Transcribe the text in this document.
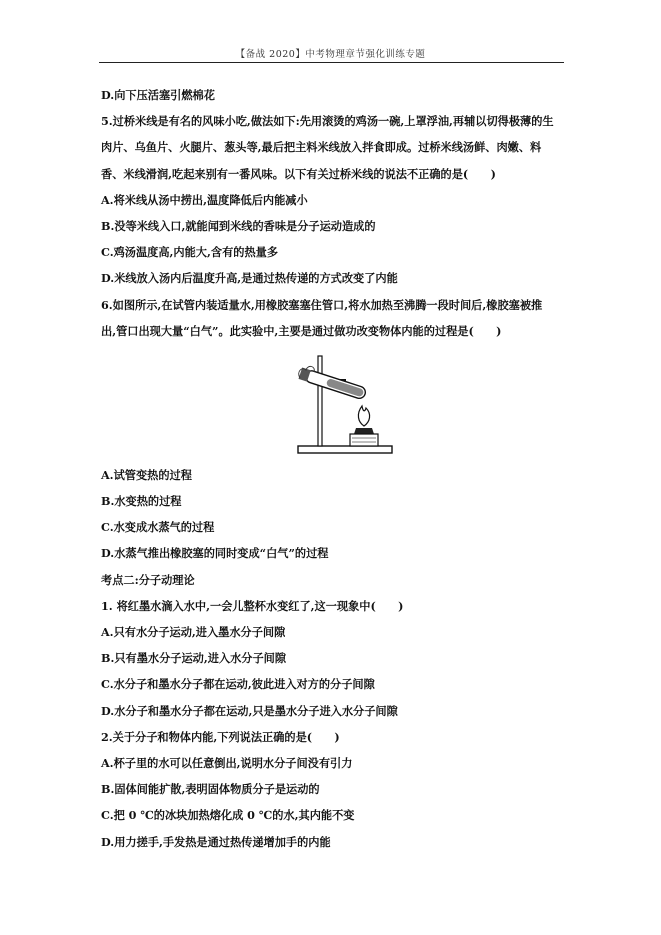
【备战 2020】中考物理章节强化训练专题
D.向下压活塞引燃棉花
5.过桥米线是有名的风味小吃,做法如下:先用滚烫的鸡汤一碗,上罩浮油,再辅以切得极薄的生
肉片、乌鱼片、火腿片、葱头等,最后把主料米线放入拌食即成。过桥米线汤鲜、肉嫩、料
香、米线滑润,吃起来别有一番风味。以下有关过桥米线的说法不正确的是(　　)
A.将米线从汤中捞出,温度降低后内能减小
B.没等米线入口,就能闻到米线的香味是分子运动造成的
C.鸡汤温度高,内能大,含有的热量多
D.米线放入汤内后温度升高,是通过热传递的方式改变了内能
6.如图所示,在试管内装适量水,用橡胶塞塞住管口,将水加热至沸腾一段时间后,橡胶塞被推
出,管口出现大量“白气”。此实验中,主要是通过做功改变物体内能的过程是(　　)
A.试管变热的过程
B.水变热的过程
C.水变成水蒸气的过程
D.水蒸气推出橡胶塞的同时变成“白气”的过程
考点二:分子动理论
1. 将红墨水滴入水中,一会儿整杯水变红了,这一现象中(　　)
A.只有水分子运动,进入墨水分子间隙
B.只有墨水分子运动,进入水分子间隙
C.水分子和墨水分子都在运动,彼此进入对方的分子间隙
D.水分子和墨水分子都在运动,只是墨水分子进入水分子间隙
2.关于分子和物体内能,下列说法正确的是(　　)
A.杯子里的水可以任意倒出,说明水分子间没有引力
B.固体间能扩散,表明固体物质分子是运动的
C.把 0 ℃的冰块加热熔化成 0 ℃的水,其内能不变
D.用力搓手,手发热是通过热传递增加手的内能
